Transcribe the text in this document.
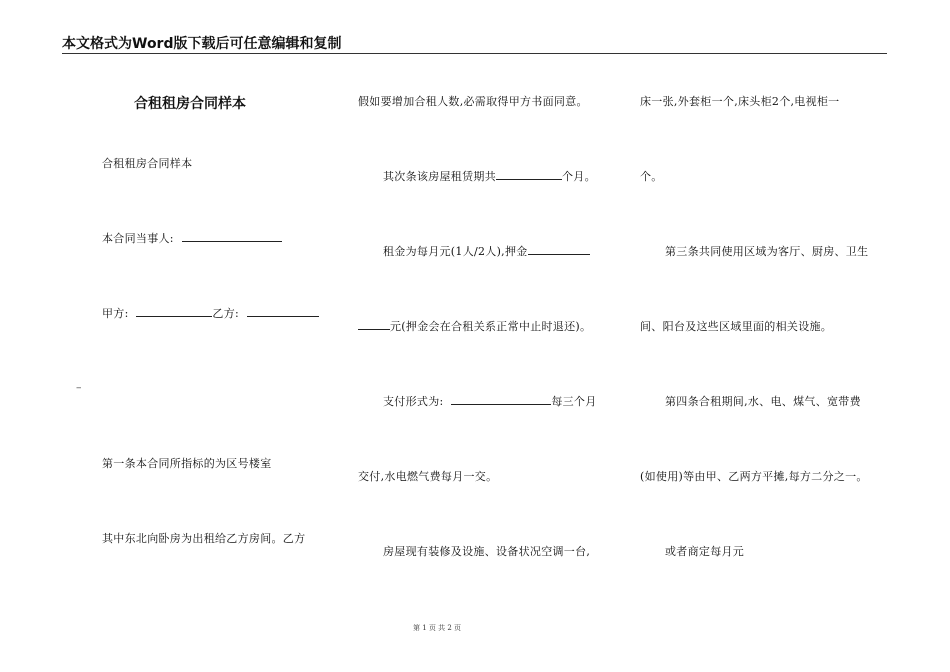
本文格式为Word版下载后可任意编辑和复制
合租租房合同样本
合租租房合同样本
本合同当事人:
甲方:	乙方:
–
第一条本合同所指标的为区号楼室
其中东北向卧房为出租给乙方房间。乙方
假如要增加合租人数,必需取得甲方书面同意。
其次条该房屋租赁期共	个月。
租金为每月元(1人/2人),押金
元(押金会在合租关系正常中止时退还)。
支付形式为:	每三个月
交付,水电燃气费每月一交。
房屋现有装修及设施、设备状况空调一台,
床一张,外套柜一个,床头柜2个,电视柜一
个。
第三条共同使用区域为客厅、厨房、卫生
间、阳台及这些区域里面的相关设施。
第四条合租期间,水、电、煤气、宽带费
(如使用)等由甲、乙两方平摊,每方二分之一。
或者商定每月元
第 1 页 共 2 页
